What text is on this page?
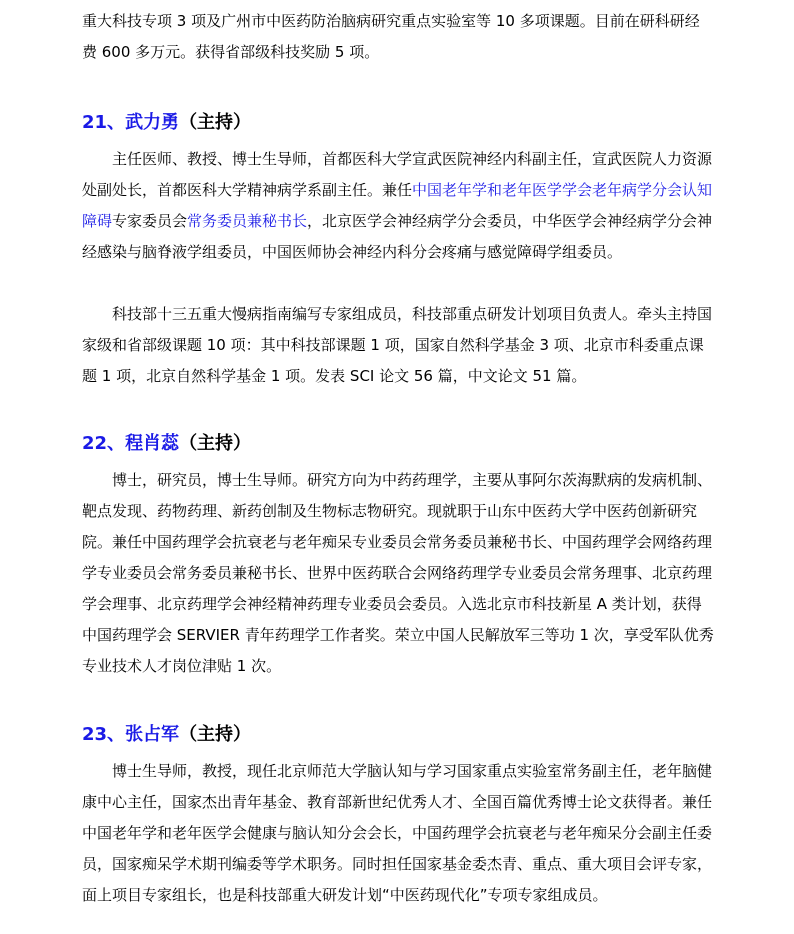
重大科技专项 3 项及广州市中医药防治脑病研究重点实验室等 10 多项课题。目前在研科研经费 600 多万元。获得省部级科技奖励 5 项。

21、武力勇（主持）

主任医师、教授、博士生导师，首都医科大学宣武医院神经内科副主任，宣武医院人力资源处副处长，首都医科大学精神病学系副主任。兼任中国老年学和老年医学学会老年病学分会认知障碍专家委员会常务委员兼秘书长，北京医学会神经病学分会委员，中华医学会神经病学分会神经感染与脑脊液学组委员，中国医师协会神经内科分会疼痛与感觉障碍学组委员。

科技部十三五重大慢病指南编写专家组成员，科技部重点研发计划项目负责人。牵头主持国家级和省部级课题 10 项：其中科技部课题 1 项，国家自然科学基金 3 项、北京市科委重点课题 1 项，北京自然科学基金 1 项。发表 SCI 论文 56 篇，中文论文 51 篇。

22、程肖蕊（主持）

博士，研究员，博士生导师。研究方向为中药药理学，主要从事阿尔茨海默病的发病机制、靶点发现、药物药理、新药创制及生物标志物研究。现就职于山东中医药大学中医药创新研究院。兼任中国药理学会抗衰老与老年痴呆专业委员会常务委员兼秘书长、中国药理学会网络药理学专业委员会常务委员兼秘书长、世界中医药联合会网络药理学专业委员会常务理事、北京药理学会理事、北京药理学会神经精神药理专业委员会委员。入选北京市科技新星 A 类计划，获得中国药理学会 SERVIER 青年药理学工作者奖。荣立中国人民解放军三等功 1 次，享受军队优秀专业技术人才岗位津贴 1 次。

23、张占军（主持）

博士生导师，教授，现任北京师范大学脑认知与学习国家重点实验室常务副主任，老年脑健康中心主任，国家杰出青年基金、教育部新世纪优秀人才、全国百篇优秀博士论文获得者。兼任中国老年学和老年医学会健康与脑认知分会会长，中国药理学会抗衰老与老年痴呆分会副主任委员，国家痴呆学术期刊编委等学术职务。同时担任国家基金委杰青、重点、重大项目会评专家，面上项目专家组长，也是科技部重大研发计划“中医药现代化”专项专家组成员。
